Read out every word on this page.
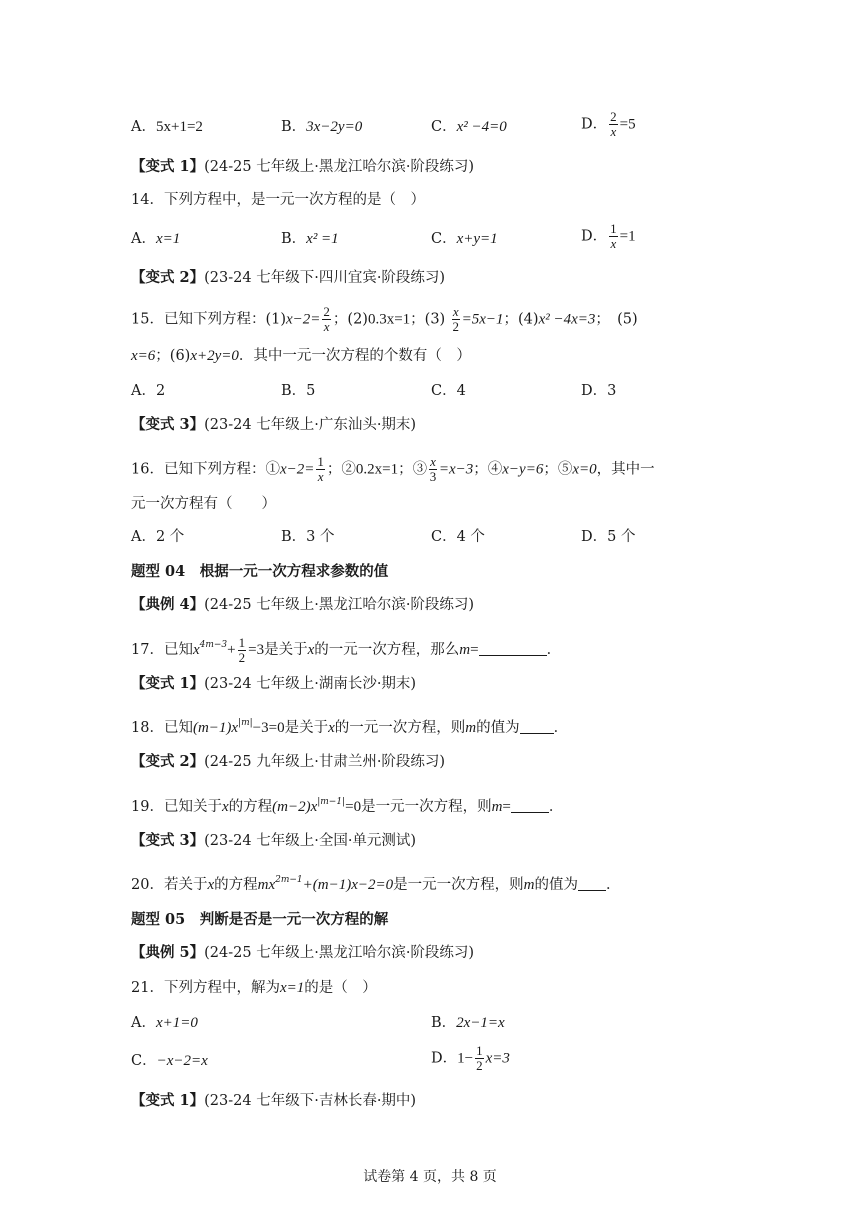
A．5x+1=2	B．3x−2y=0	C．x² −4=0	D． $\frac{2}{x} =5$
【变式 1】(24-25 七年级上·黑龙江哈尔滨·阶段练习)
14．下列方程中，是一元一次方程的是（　）
A．x=1	B．x² =1	C．x+y=1	D． $\frac{1}{x} =1$
【变式 2】(23-24 七年级下·四川宜宾·阶段练习)
15．已知下列方程：$(1)x-2= \frac{2}{x}$ ；(2)0.3x=1；$(3) \frac{x}{2} =5x-1$；(4)x² −4x=3；　(5)
x=6；(6)x+2y=0．其中一元一次方程的个数有（　）
A．2	B．5	C．4	D．3
【变式 3】(23-24 七年级上·广东汕头·期末)
16．已知下列方程：①x−2= $\frac{1}{x}$ ；②0.2x=1；③ $\frac{x}{3} =x-3$；④x−y=6；⑤x=0，其中一
元一次方程有（　　）
A．2 个	B．3 个	C．4 个	D．5 个
题型 04　根据一元一次方程求参数的值
【典例 4】(24-25 七年级上·黑龙江哈尔滨·阶段练习)
17．已知$x^{4m-3}+ \frac{1}{2} =3$是关于x的一元一次方程，那么m=	．
【变式 1】(23-24 七年级上·湖南长沙·期末)
18．已知$(m-1)x^{|m|}-3=0$是关于x的一元一次方程，则m的值为 ．
【变式 2】(24-25 九年级上·甘肃兰州·阶段练习)
19．已知关于x的方程$(m-2)x^{|m-1|}=0$是一元一次方程，则m=	．
【变式 3】(23-24 七年级上·全国·单元测试)
20．若关于x的方程$mx^{2m-1}+(m-1)x-2=0$是一元一次方程，则m的值为 ．
题型 05　判断是否是一元一次方程的解
【典例 5】(24-25 七年级上·黑龙江哈尔滨·阶段练习)
21．下列方程中，解为x=1的是（　）
A．x+1=0	B．2x−1=x
C．−x−2=x	D．$1- \frac{1}{2} x=3$
【变式 1】(23-24 七年级下·吉林长春·期中)
试卷第 4 页，共 8 页
